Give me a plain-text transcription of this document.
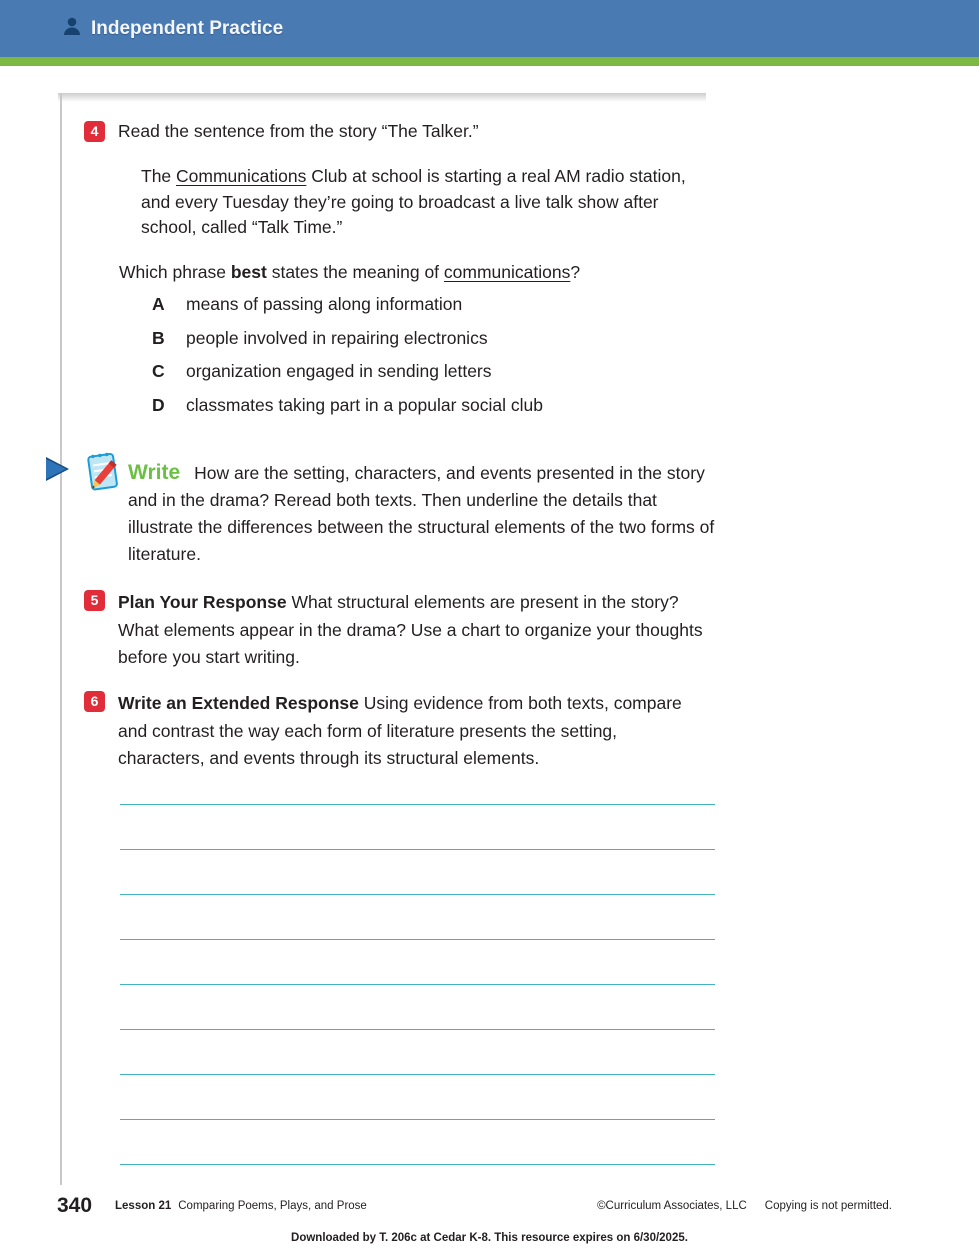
Independent Practice
4	Read the sentence from the story “The Talker.”
The Communications Club at school is starting a real AM radio station, and every Tuesday they’re going to broadcast a live talk show after school, called “Talk Time.”
Which phrase best states the meaning of communications?
A	means of passing along information
B	people involved in repairing electronics
C	organization engaged in sending letters
D	classmates taking part in a popular social club
Write How are the setting, characters, and events presented in the story and in the drama? Reread both texts. Then underline the details that illustrate the differences between the structural elements of the two forms of literature.
5	Plan Your Response What structural elements are present in the story? What elements appear in the drama? Use a chart to organize your thoughts before you start writing.
6	Write an Extended Response Using evidence from both texts, compare and contrast the way each form of literature presents the setting, characters, and events through its structural elements.
340 Lesson 21 Comparing Poems, Plays, and Prose	©Curriculum Associates, LLC Copying is not permitted.
Downloaded by T. 206c at Cedar K-8. This resource expires on 6/30/2025.
